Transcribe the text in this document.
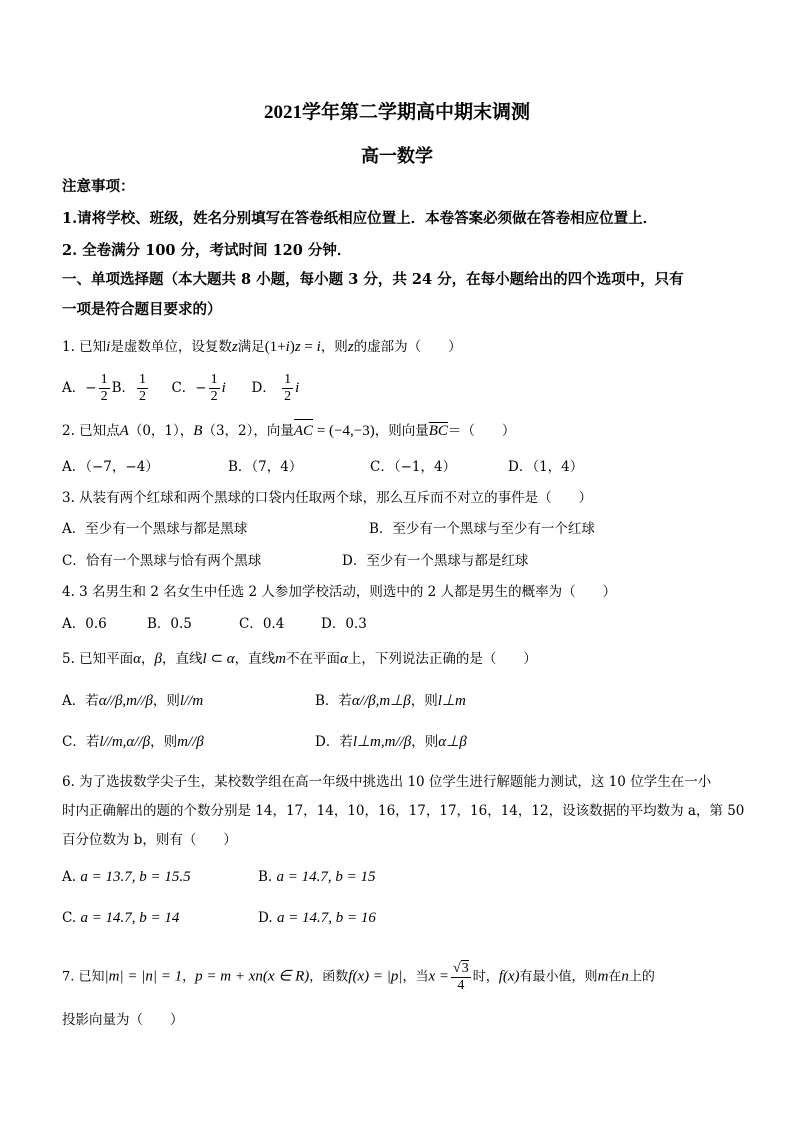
2021学年第二学期高中期末调测
高一数学
注意事项：
1.请将学校、班级，姓名分别填写在答卷纸相应位置上．本卷答案必须做在答卷相应位置上．
2. 全卷满分 100 分，考试时间 120 分钟．
一、单项选择题（本大题共 8 小题，每小题 3 分，共 24 分，在每小题给出的四个选项中，只有
一项是符合题目要求的）
1. 已知i是虚数单位，设复数z满足(1+i)z = i，则z的虚部为（　　）
A．− $\frac{1}{2}$ B． $\frac{1}{2}$ C．− $\frac{1}{2}$ i D． $\frac{1}{2}$ i
2. 已知点A（0，1），B（3，2），向量AC = (−4,−3)，则向量$\overline{BC}=$（　　）
A．（−7，−4）	B．（7，4）	C．（−1，4）	D．（1，4）
3. 从装有两个红球和两个黑球的口袋内任取两个球，那么互斥而不对立的事件是（　　）
A．至少有一个黑球与都是黑球	B．至少有一个黑球与至少有一个红球
C．恰有一个黑球与恰有两个黑球	D．至少有一个黑球与都是红球
4. 3 名男生和 2 名女生中任选 2 人参加学校活动，则选中的 2 人都是男生的概率为（　　）
A．0.6	B．0.5	C．0.4	D．0.3
5. 已知平面α，β，直线l ⊂ α，直线m不在平面α上，下列说法正确的是（　　）
A．若α//β,m//β，则l//m	B．若α//β,m⊥β，则l⊥m
C．若l//m,α//β，则m//β	D．若l⊥m,m//β，则α⊥β
6. 为了选拔数学尖子生，某校数学组在高一年级中挑选出 10 位学生进行解题能力测试，这 10 位学生在一小
时内正确解出的题的个数分别是 14，17，14，10，16，17，17，16，14，12，设该数据的平均数为 a，第 50
百分位数为 b，则有（　　）
A. a = 13.7, b = 15.5	B. a = 14.7, b = 15
C. a = 14.7, b = 14	D. a = 14.7, b = 16
7. 已知|m| = |n| = 1，p = m + xn(x ∈ R)，函数f(x) = |p|，当$x = \frac{√3}{4}$ 时，f(x)有最小值，则m在n上的
投影向量为（　　）
